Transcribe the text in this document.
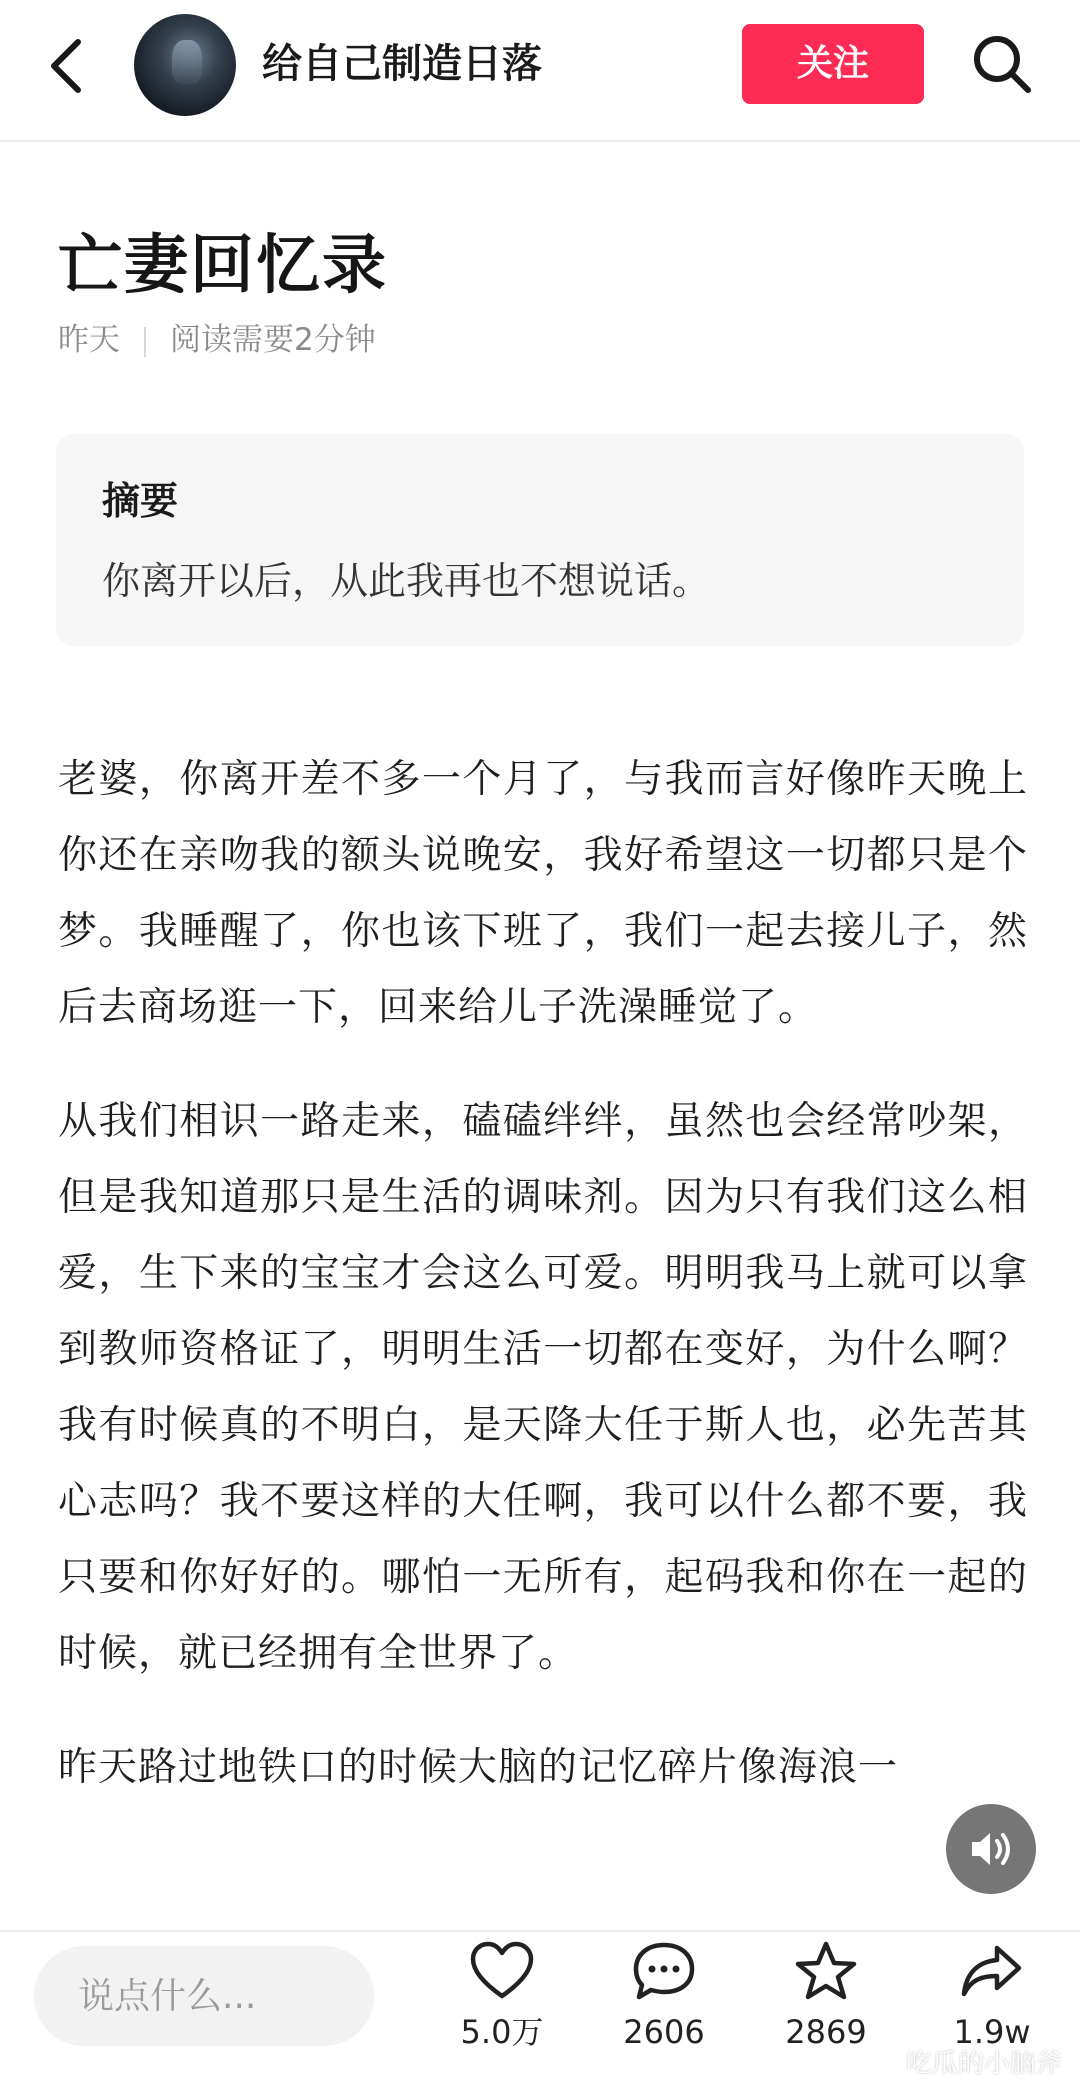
给自己制造日落	关注
亡妻回忆录
昨天 阅读需要2分钟
摘要
你离开以后，从此我再也不想说话。

老婆，你离开差不多一个月了，与我而言好像昨天晚上你还在亲吻我的额头说晚安，我好希望这一切都只是个梦。我睡醒了，你也该下班了，我们一起去接儿子，然后去商场逛一下，回来给儿子洗澡睡觉了。

从我们相识一路走来，磕磕绊绊，虽然也会经常吵架，但是我知道那只是生活的调味剂。因为只有我们这么相爱，生下来的宝宝才会这么可爱。明明我马上就可以拿到教师资格证了，明明生活一切都在变好，为什么啊？我有时候真的不明白，是天降大任于斯人也，必先苦其心志吗？我不要这样的大任啊，我可以什么都不要，我只要和你好好的。哪怕一无所有，起码我和你在一起的时候，就已经拥有全世界了。

昨天路过地铁口的时候大脑的记忆碎片像海浪一

说点什么...
5.0万	2606	2869	1.9w
吃瓜的小脑斧
